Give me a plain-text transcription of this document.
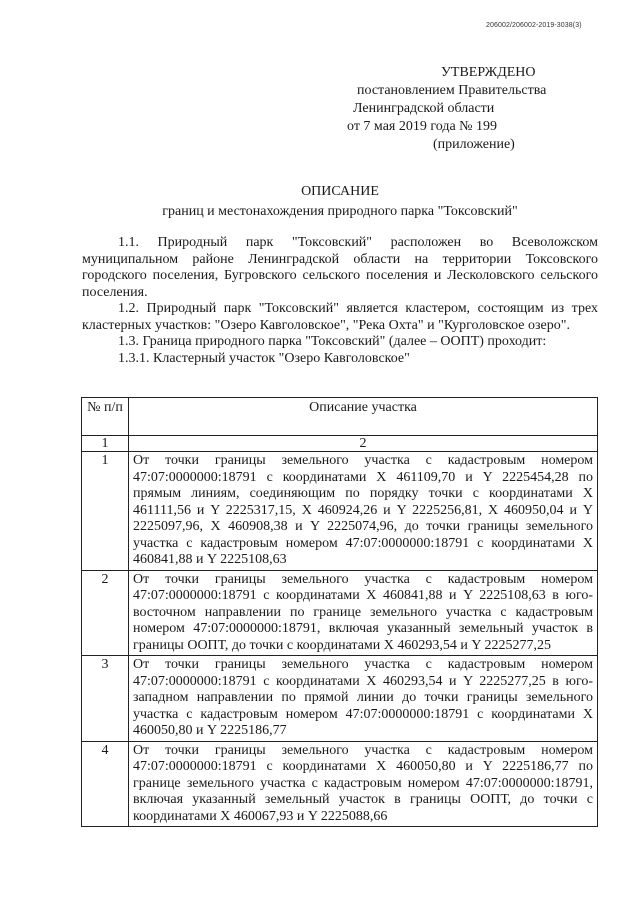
206002/206002-2019-3038(3)
УТВЕРЖДЕНО
постановлением Правительства
Ленинградской области
от 7 мая 2019 года № 199
(приложение)
ОПИСАНИЕ
границ и местонахождения природного парка "Токсовский"

1.1. Природный парк "Токсовский" расположен во Всеволожском муниципальном районе Ленинградской области на территории Токсовского городского поселения, Бугровского сельского поселения и Лесколовского сельского поселения.

1.2. Природный парк "Токсовский" является кластером, состоящим из трех кластерных участков: "Озеро Кавголовское", "Река Охта" и "Курголовское озеро".

1.3. Граница природного парка "Токсовский" (далее – ООПТ) проходит:

1.3.1. Кластерный участок "Озеро Кавголовское"

№ п/п	Описание участка
1	2
1	От точки границы земельного участка с кадастровым номером 47:07:0000000:18791 с координатами Х 461109,70 и Y 2225454,28 по прямым линиям, соединяющим по порядку точки с координатами Х 461111,56 и Y 2225317,15, Х 460924,26 и Y 2225256,81, Х 460950,04 и Y 2225097,96, Х 460908,38 и Y 2225074,96, до точки границы земельного участка с кадастровым номером 47:07:0000000:18791 с координатами Х 460841,88 и Y 2225108,63
2	От точки границы земельного участка с кадастровым номером 47:07:0000000:18791 с координатами Х 460841,88 и Y 2225108,63 в юго-восточном направлении по границе земельного участка с кадастровым номером 47:07:0000000:18791, включая указанный земельный участок в границы ООПТ, до точки с координатами Х 460293,54 и Y 2225277,25
3	От точки границы земельного участка с кадастровым номером 47:07:0000000:18791 с координатами Х 460293,54 и Y 2225277,25 в юго-западном направлении по прямой линии до точки границы земельного участка с кадастровым номером 47:07:0000000:18791 с координатами Х 460050,80 и Y 2225186,77
4	От точки границы земельного участка с кадастровым номером 47:07:0000000:18791 с координатами Х 460050,80 и Y 2225186,77 по границе земельного участка с кадастровым номером 47:07:0000000:18791, включая указанный земельный участок в границы ООПТ, до точки с координатами Х 460067,93 и Y 2225088,66
